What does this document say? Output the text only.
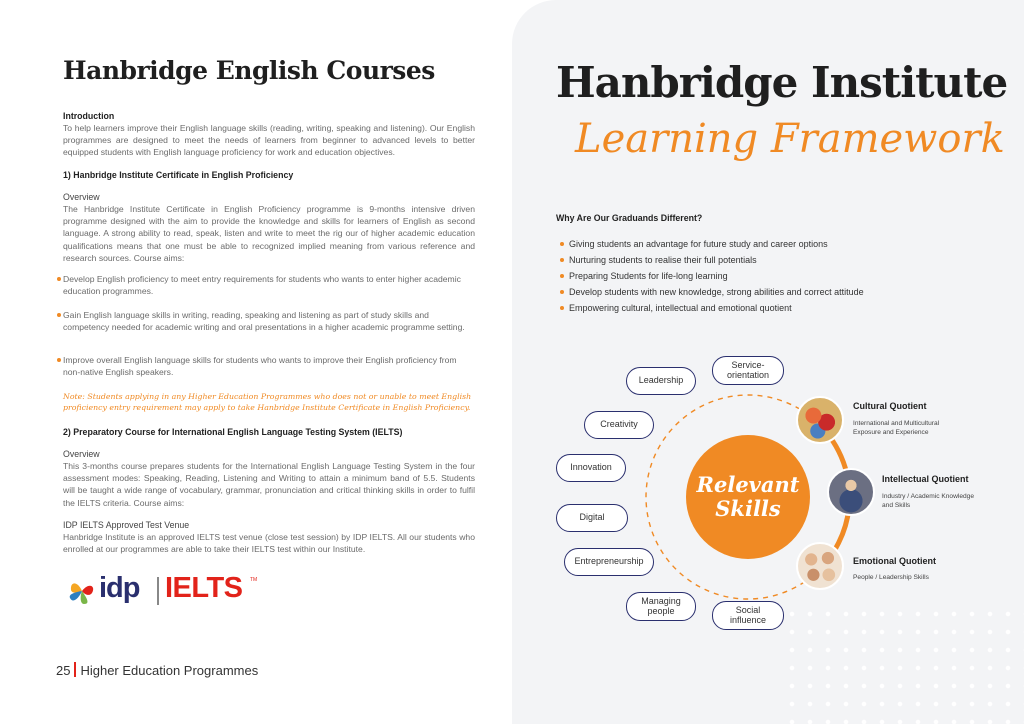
Hanbridge English Courses
Introduction
To help learners improve their English language skills (reading, writing, speaking and listening). Our English programmes are designed to meet the needs of learners from beginner to advanced levels to better equipped students with English language proficiency for work and education objectives.
1) Hanbridge Institute Certificate in English Proficiency
Overview
The Hanbridge Institute Certificate in English Proficiency programme is 9-months intensive driven programme designed with the aim to provide the knowledge and skills for learners of English as second language. A strong ability to read, speak, listen and write to meet the rig our of higher academic education qualifications means that one must be able to recognized implied meaning from various reference and research sources. Course aims:
Develop English proficiency to meet entry requirements for students who wants to enter higher academic education programmes.
Gain English language skills in writing, reading, speaking and listening as part of study skills and competency needed for academic writing and oral presentations in a higher academic programme setting.
Improve overall English language skills for students who wants to improve their English proficiency from non-native English speakers.
Note: Students applying in any Higher Education Programmes who does not or unable to meet English proficiency entry requirement may apply to take Hanbridge Institute Certificate in English Proficiency.
2) Preparatory Course for International English Language Testing System (IELTS)
Overview
This 3-months course prepares students for the International English Language Testing System in the four assessment modes: Speaking, Reading, Listening and Writing to attain a minimum band of 5.5. Students will be taught a wide range of vocabulary, grammar, pronunciation and critical thinking skills in order to fulfil the IELTS criteria. Course aims:
IDP IELTS Approved Test Venue
Hanbridge Institute is an approved IELTS test venue (close test session) by IDP IELTS. All our students who enrolled at our programmes are able to take their IELTS test within our Institute.
idp IELTS TM
25 Higher Education Programmes
Hanbridge Institute
Learning Framework
Why Are Our Graduands Different?
Giving students an advantage for future study and career options
Nurturing students to realise their full potentials
Preparing Students for life-long learning
Develop students with new knowledge, strong abilities and correct attitude
Empowering cultural, intellectual and emotional quotient
Leadership
Service-
orientation
Creativity
Innovation
Digital
Entrepreneurship
Managing
people	Social
influence
Relevant
Skills
Cultural Quotient
International and Multicultural
Exposure and Experience
Intellectual Quotient
Industry / Academic Knowledge
and Skills
Emotional Quotient
People / Leadership Skills
